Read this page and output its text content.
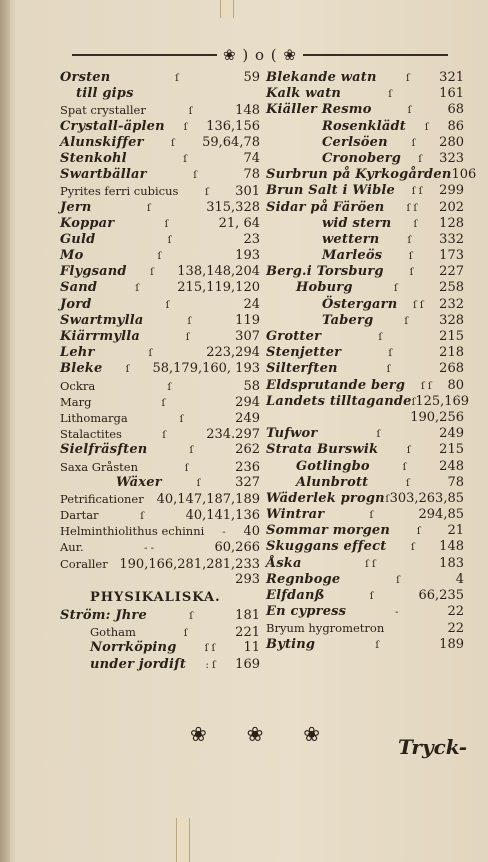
❀ ) o ( ❀
Orsten	ſ	59
till gips
Spat crystaller	ſ	148
Crystall-äplen	ſ	136,156
Alunskiffer	ſ	59,64,78
Stenkohl	ſ	74
Swartbällar	ſ	78
Pyrites ferri cubicus	ſ	301
Jern	ſ	315,328
Koppar	ſ	21, 64
Guld	ſ	23
Mo	ſ	193
Flygsand	ſ	138,148,204
Sand	ſ	215,119,120
Jord	ſ	24
Swartmylla	ſ	119
Kiärrmylla	ſ	307
Lehr	ſ	223,294
Bleke	ſ	58,179,160, 193
Ockra	ſ	58
Marg	ſ	294
Lithomarga	ſ	249
Stalactites	ſ	234.297
Sielfräsften	ſ	262
Saxa Gråsten	ſ	236
Wäxer	ſ	327
Petrificationer 40,147,187,189
Dartar	ſ	40,141,136
Helminthiolithus echinni	-	40
Aur.	- -	60,266
Coraller 190,166,281,281,233
293
PHYSIKALISKA.
Ström: Jhre	ſ	181
Gotham	ſ	221
Norrköping	ſ ſ	11
under jordiſt	: ſ	169
Blekande watn	ſ	321
Kalk watn	ſ	161
Kiäller Resmo	ſ	68
Rosenklädt	ſ	86
Cerlsöen	ſ	280
Cronoberg	ſ	323
Surbrun på Kyrkogården 106
Brun Salt i Wible	ſ ſ	299
Sidar på Färöen	ſ ſ	202
wid stern	ſ	128
wettern	ſ	332
Marleös	ſ	173
Berg.i Torsburg	ſ	227
Hoburg	ſ	258
Östergarn	ſ ſ	232
Taberg	ſ	328
Grotter	ſ	215
Stenjetter	ſ	218
Silterften	ſ	268
Eldsprutande berg	ſ ſ	80
Landets tilltagande ſ 125,169
190,256
Tufwor	ſ	249
Strata Burswik	ſ	215
Gotlingbo	ſ	248
Alunbrott	ſ	78
Wäderlek progn ſ 303,263,85
Wintrar	ſ	294,85
Sommar morgen	ſ	21
Skuggans effect	ſ	148
Åska	ſ ſ	183
Regnboge	ſ	4
Elfdanß	ſ	66,235
En cypress	-	22
Bryum hygrometron	22
Byting	ſ	189
❀ ❀ ❀
Tryck-
